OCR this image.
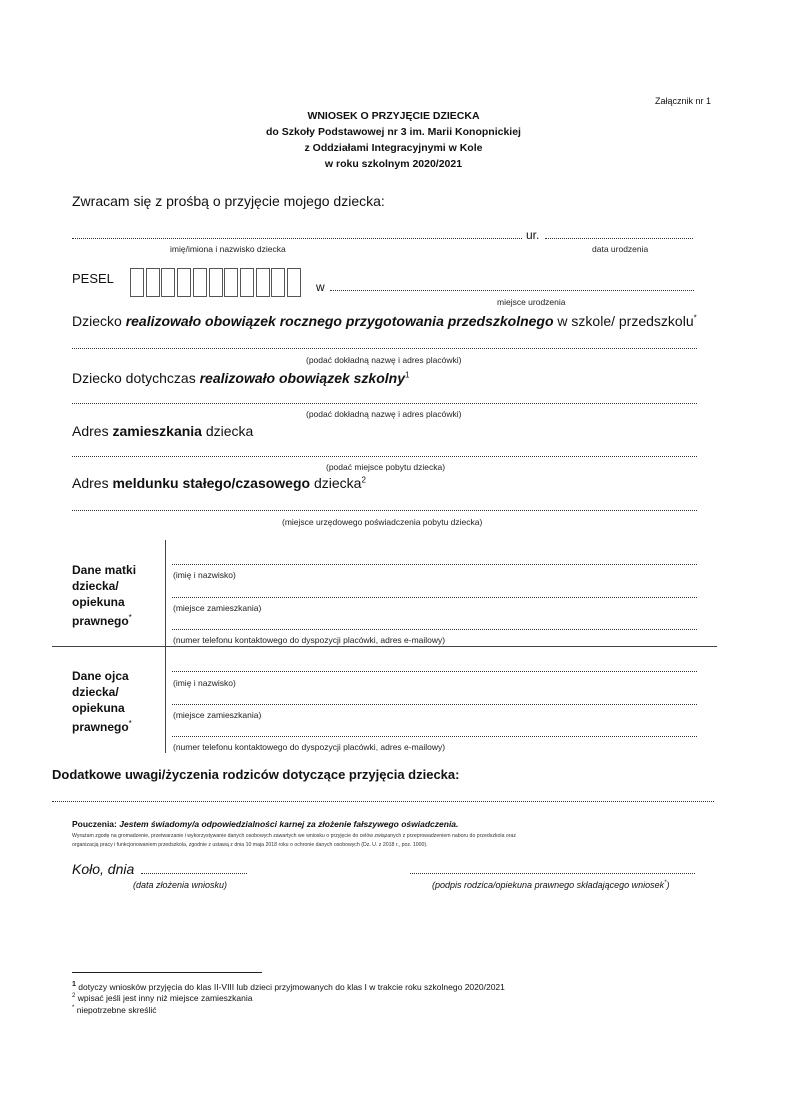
Załącznik nr 1
WNIOSEK O PRZYJĘCIE DZIECKA
do Szkoły Podstawowej nr 3 im. Marii Konopnickiej
z Oddziałami Integracyjnymi w Kole
w roku szkolnym 2020/2021
Zwracam się z prośbą o przyjęcie mojego dziecka:
ur.
imię/imiona i nazwisko dziecka	data urodzenia
PESEL
w
miejsce urodzenia
Dziecko realizowało obowiązek rocznego przygotowania przedszkolnego w szkole/ przedszkolu*
(podać dokładną nazwę i adres placówki)
Dziecko dotychczas realizowało obowiązek szkolny$^1$
(podać dokładną nazwę i adres placówki)
Adres zamieszkania dziecka
(podać miejsce pobytu dziecka)
Adres meldunku stałego/czasowego dziecka$^2$
(miejsce urzędowego poświadczenia pobytu dziecka)
Dane matki
dziecka/
opiekuna
prawnego*
(imię i nazwisko)
(miejsce zamieszkania)
(numer telefonu kontaktowego do dyspozycji placówki, adres e-mailowy)
Dane ojca
dziecka/
opiekuna
prawnego*
(imię i nazwisko)
(miejsce zamieszkania)
(numer telefonu kontaktowego do dyspozycji placówki, adres e-mailowy)
Dodatkowe uwagi/życzenia rodziców dotyczące przyjęcia dziecka:
Pouczenia: Jestem świadomy/a odpowiedzialności karnej za złożenie fałszywego oświadczenia.
Wyrażam zgodę na gromadzenie, przetwarzanie i wykorzystywanie danych osobowych zawartych we wniosku o przyjęcie do celów związanych z przeprowadzeniem naboru do przedszkola oraz
organizacją pracy i funkcjonowaniem przedszkola, zgodnie z ustawą z dnia 10 maja 2018 roku o ochronie danych osobowych (Dz. U. z 2018 r., poz. 1000).
Koło, dnia
(data złożenia wniosku)	(podpis rodzica/opiekuna prawnego składającego wniosek*)
$^1$ dotyczy wniosków przyjęcia do klas II-VIII lub dzieci przyjmowanych do klas I w trakcie roku szkolnego 2020/2021
$^2$ wpisać jeśli jest inny niż miejsce zamieszkania
* niepotrzebne skreślić
